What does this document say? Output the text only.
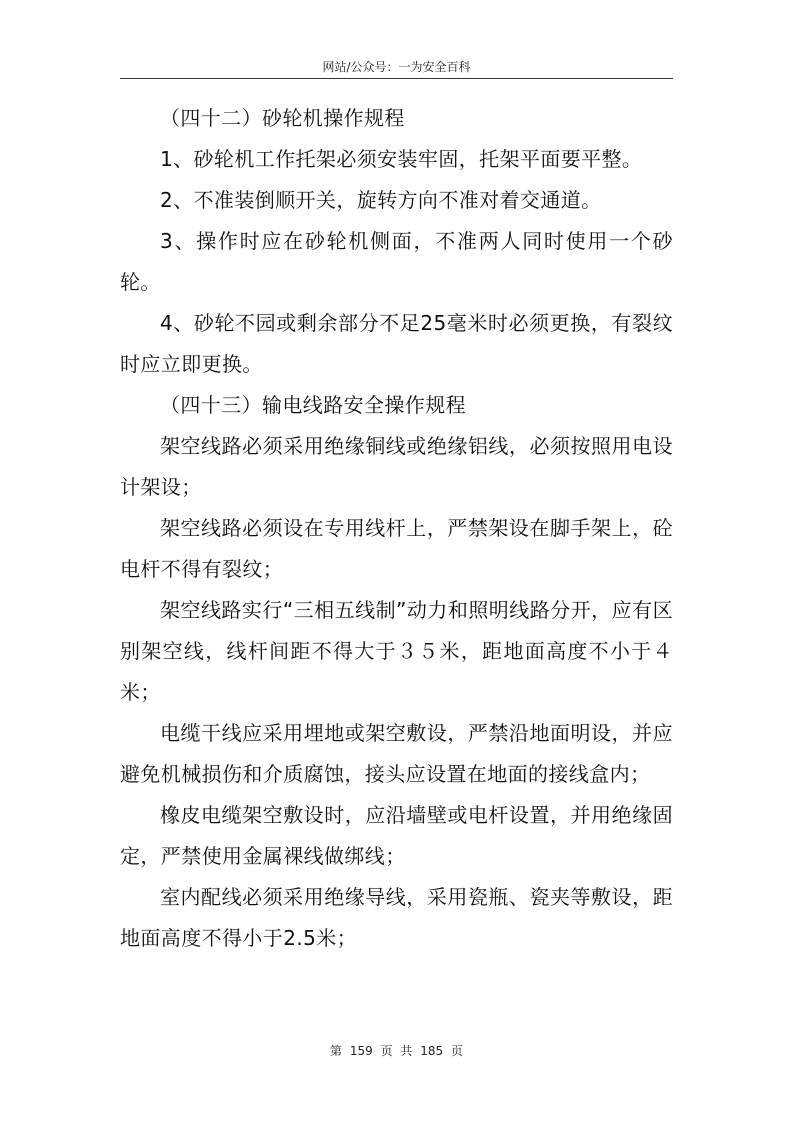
网站/公众号：一为安全百科

（四十二）砂轮机操作规程

1、砂轮机工作托架必须安装牢固，托架平面要平整。

2、不准装倒顺开关，旋转方向不准对着交通道。

3、操作时应在砂轮机侧面，不准两人同时使用一个砂轮。

4、砂轮不园或剩余部分不足25毫米时必须更换，有裂纹时应立即更换。

（四十三）输电线路安全操作规程

架空线路必须采用绝缘铜线或绝缘铝线，必须按照用电设计架设；

架空线路必须设在专用线杆上，严禁架设在脚手架上，砼电杆不得有裂纹；

架空线路实行“三相五线制”动力和照明线路分开，应有区别架空线，线杆间距不得大于３５米，距地面高度不小于４米；

电缆干线应采用埋地或架空敷设，严禁沿地面明设，并应避免机械损伤和介质腐蚀，接头应设置在地面的接线盒内；

橡皮电缆架空敷设时，应沿墙壁或电杆设置，并用绝缘固定，严禁使用金属裸线做绑线；

室内配线必须采用绝缘导线，采用瓷瓶、瓷夹等敷设，距地面高度不得小于2.5米；

第 159 页 共 185 页
